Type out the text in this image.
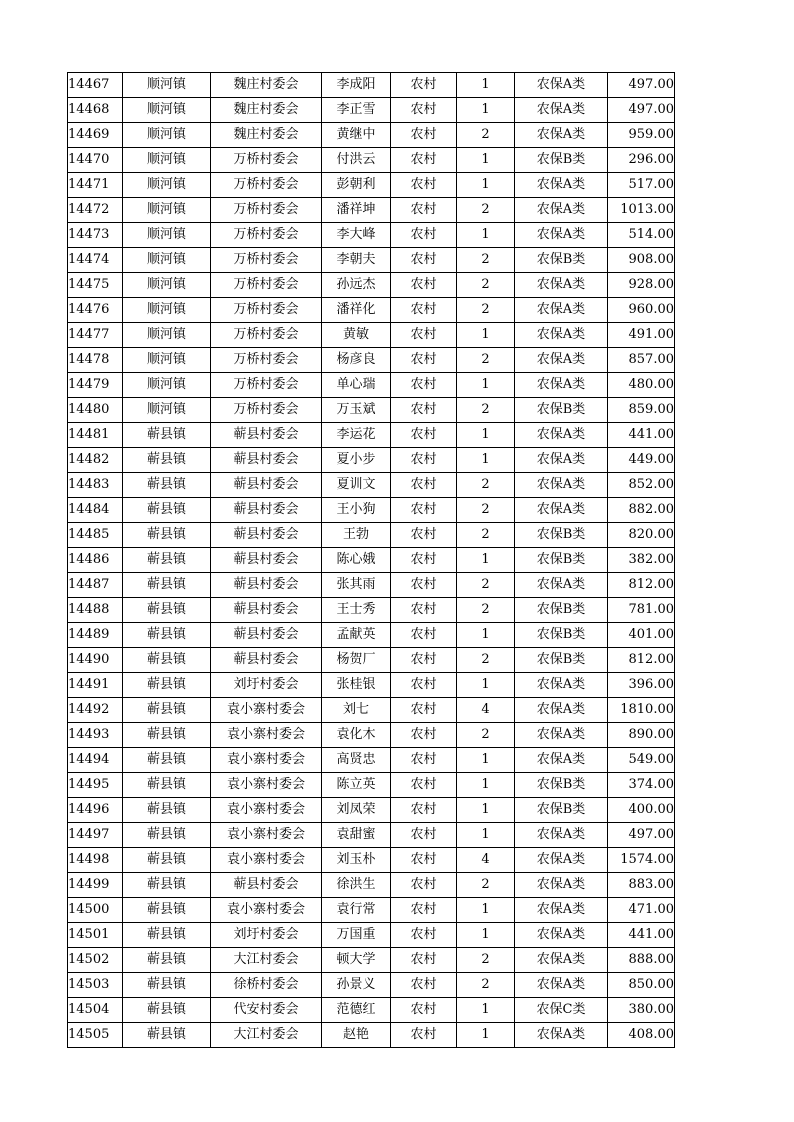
14467	顺河镇	魏庄村委会	李成阳	农村	1	农保A类	497.00
14468	顺河镇	魏庄村委会	李正雪	农村	1	农保A类	497.00
14469	顺河镇	魏庄村委会	黄继中	农村	2	农保A类	959.00
14470	顺河镇	万桥村委会	付洪云	农村	1	农保B类	296.00
14471	顺河镇	万桥村委会	彭朝利	农村	1	农保A类	517.00
14472	顺河镇	万桥村委会	潘祥坤	农村	2	农保A类	1013.00
14473	顺河镇	万桥村委会	李大峰	农村	1	农保A类	514.00
14474	顺河镇	万桥村委会	李朝夫	农村	2	农保B类	908.00
14475	顺河镇	万桥村委会	孙远杰	农村	2	农保A类	928.00
14476	顺河镇	万桥村委会	潘祥化	农村	2	农保A类	960.00
14477	顺河镇	万桥村委会	黄敏	农村	1	农保A类	491.00
14478	顺河镇	万桥村委会	杨彦良	农村	2	农保A类	857.00
14479	顺河镇	万桥村委会	单心瑞	农村	1	农保A类	480.00
14480	顺河镇	万桥村委会	万玉斌	农村	2	农保B类	859.00
14481	蕲县镇	蕲县村委会	李运花	农村	1	农保A类	441.00
14482	蕲县镇	蕲县村委会	夏小步	农村	1	农保A类	449.00
14483	蕲县镇	蕲县村委会	夏训文	农村	2	农保A类	852.00
14484	蕲县镇	蕲县村委会	王小狗	农村	2	农保A类	882.00
14485	蕲县镇	蕲县村委会	王勃	农村	2	农保B类	820.00
14486	蕲县镇	蕲县村委会	陈心娥	农村	1	农保B类	382.00
14487	蕲县镇	蕲县村委会	张其雨	农村	2	农保A类	812.00
14488	蕲县镇	蕲县村委会	王士秀	农村	2	农保B类	781.00
14489	蕲县镇	蕲县村委会	孟献英	农村	1	农保B类	401.00
14490	蕲县镇	蕲县村委会	杨贺厂	农村	2	农保B类	812.00
14491	蕲县镇	刘圩村委会	张桂银	农村	1	农保A类	396.00
14492	蕲县镇	袁小寨村委会	刘七	农村	4	农保A类	1810.00
14493	蕲县镇	袁小寨村委会	袁化木	农村	2	农保A类	890.00
14494	蕲县镇	袁小寨村委会	高贤忠	农村	1	农保A类	549.00
14495	蕲县镇	袁小寨村委会	陈立英	农村	1	农保B类	374.00
14496	蕲县镇	袁小寨村委会	刘凤荣	农村	1	农保B类	400.00
14497	蕲县镇	袁小寨村委会	袁甜蜜	农村	1	农保A类	497.00
14498	蕲县镇	袁小寨村委会	刘玉朴	农村	4	农保A类	1574.00
14499	蕲县镇	蕲县村委会	徐洪生	农村	2	农保A类	883.00
14500	蕲县镇	袁小寨村委会	袁行常	农村	1	农保A类	471.00
14501	蕲县镇	刘圩村委会	万国重	农村	1	农保A类	441.00
14502	蕲县镇	大江村委会	顿大学	农村	2	农保A类	888.00
14503	蕲县镇	徐桥村委会	孙景义	农村	2	农保A类	850.00
14504	蕲县镇	代安村委会	范德红	农村	1	农保C类	380.00
14505	蕲县镇	大江村委会	赵艳	农村	1	农保A类	408.00
